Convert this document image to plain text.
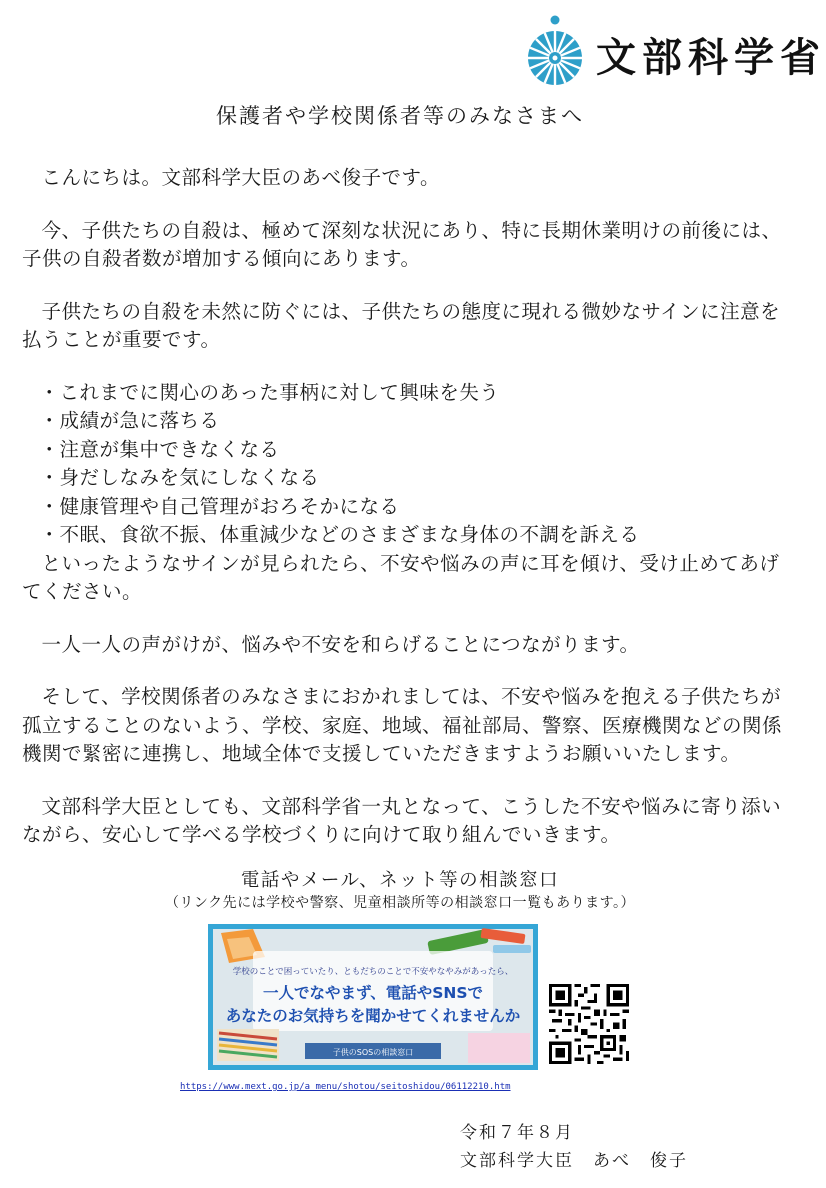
文部科学省
保護者や学校関係者等のみなさまへ

こんにちは。文部科学大臣のあべ俊子です。

今、子供たちの自殺は、極めて深刻な状況にあり、特に長期休業明けの前後には、子供の自殺者数が増加する傾向にあります。

子供たちの自殺を未然に防ぐには、子供たちの態度に現れる微妙なサインに注意を払うことが重要です。

・これまでに関心のあった事柄に対して興味を失う

・成績が急に落ちる

・注意が集中できなくなる

・身だしなみを気にしなくなる

・健康管理や自己管理がおろそかになる

・不眠、食欲不振、体重減少などのさまざまな身体の不調を訴える

といったようなサインが見られたら、不安や悩みの声に耳を傾け、受け止めてあげてください。

一人一人の声がけが、悩みや不安を和らげることにつながります。

そして、学校関係者のみなさまにおかれましては、不安や悩みを抱える子供たちが孤立することのないよう、学校、家庭、地域、福祉部局、警察、医療機関などの関係機関で緊密に連携し、地域全体で支援していただきますようお願いいたします。

文部科学大臣としても、文部科学省一丸となって、こうした不安や悩みに寄り添いながら、安心して学べる学校づくりに向けて取り組んでいきます。

電話やメール、ネット等の相談窓口
（リンク先には学校や警察、児童相談所等の相談窓口一覧もあります。）
学校のことで困っていたり、ともだちのことで不安やなやみがあったら、
一人でなやまず、電話やSNSで
あなたのお気持ちを聞かせてくれませんか
子供のSOSの相談窓口
https://www.mext.go.jp/a_menu/shotou/seitoshidou/06112210.htm
令和７年８月
文部科学大臣　あべ　俊子
